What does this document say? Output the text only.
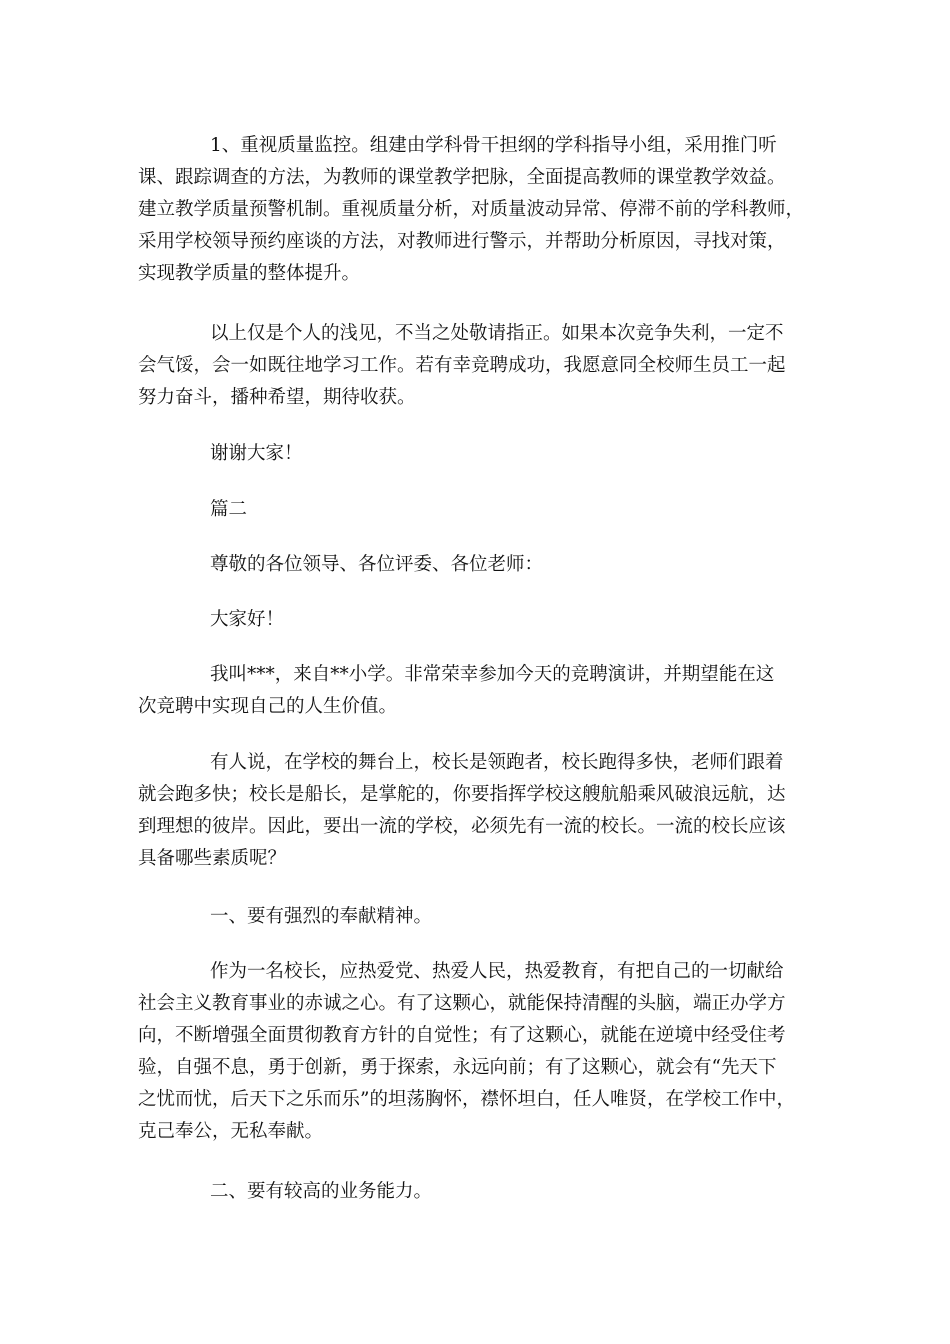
1、重视质量监控。组建由学科骨干担纲的学科指导小组，采用推门听
课、跟踪调查的方法，为教师的课堂教学把脉，全面提高教师的课堂教学效益。
建立教学质量预警机制。重视质量分析，对质量波动异常、停滞不前的学科教师，
采用学校领导预约座谈的方法，对教师进行警示，并帮助分析原因，寻找对策，
实现教学质量的整体提升。
以上仅是个人的浅见，不当之处敬请指正。如果本次竞争失利，一定不
会气馁，会一如既往地学习工作。若有幸竞聘成功，我愿意同全校师生员工一起
努力奋斗，播种希望，期待收获。
谢谢大家！
篇二
尊敬的各位领导、各位评委、各位老师：
大家好！
我叫***，来自**小学。非常荣幸参加今天的竞聘演讲，并期望能在这
次竞聘中实现自己的人生价值。
有人说，在学校的舞台上，校长是领跑者，校长跑得多快，老师们跟着
就会跑多快；校长是船长，是掌舵的，你要指挥学校这艘航船乘风破浪远航，达
到理想的彼岸。因此，要出一流的学校，必须先有一流的校长。一流的校长应该
具备哪些素质呢？
一、要有强烈的奉献精神。
作为一名校长，应热爱党、热爱人民，热爱教育，有把自己的一切献给
社会主义教育事业的赤诚之心。有了这颗心，就能保持清醒的头脑，端正办学方
向，不断增强全面贯彻教育方针的自觉性；有了这颗心，就能在逆境中经受住考
验，自强不息，勇于创新，勇于探索，永远向前；有了这颗心，就会有“先天下
之忧而忧，后天下之乐而乐”的坦荡胸怀，襟怀坦白，任人唯贤，在学校工作中，
克己奉公，无私奉献。
二、要有较高的业务能力。
